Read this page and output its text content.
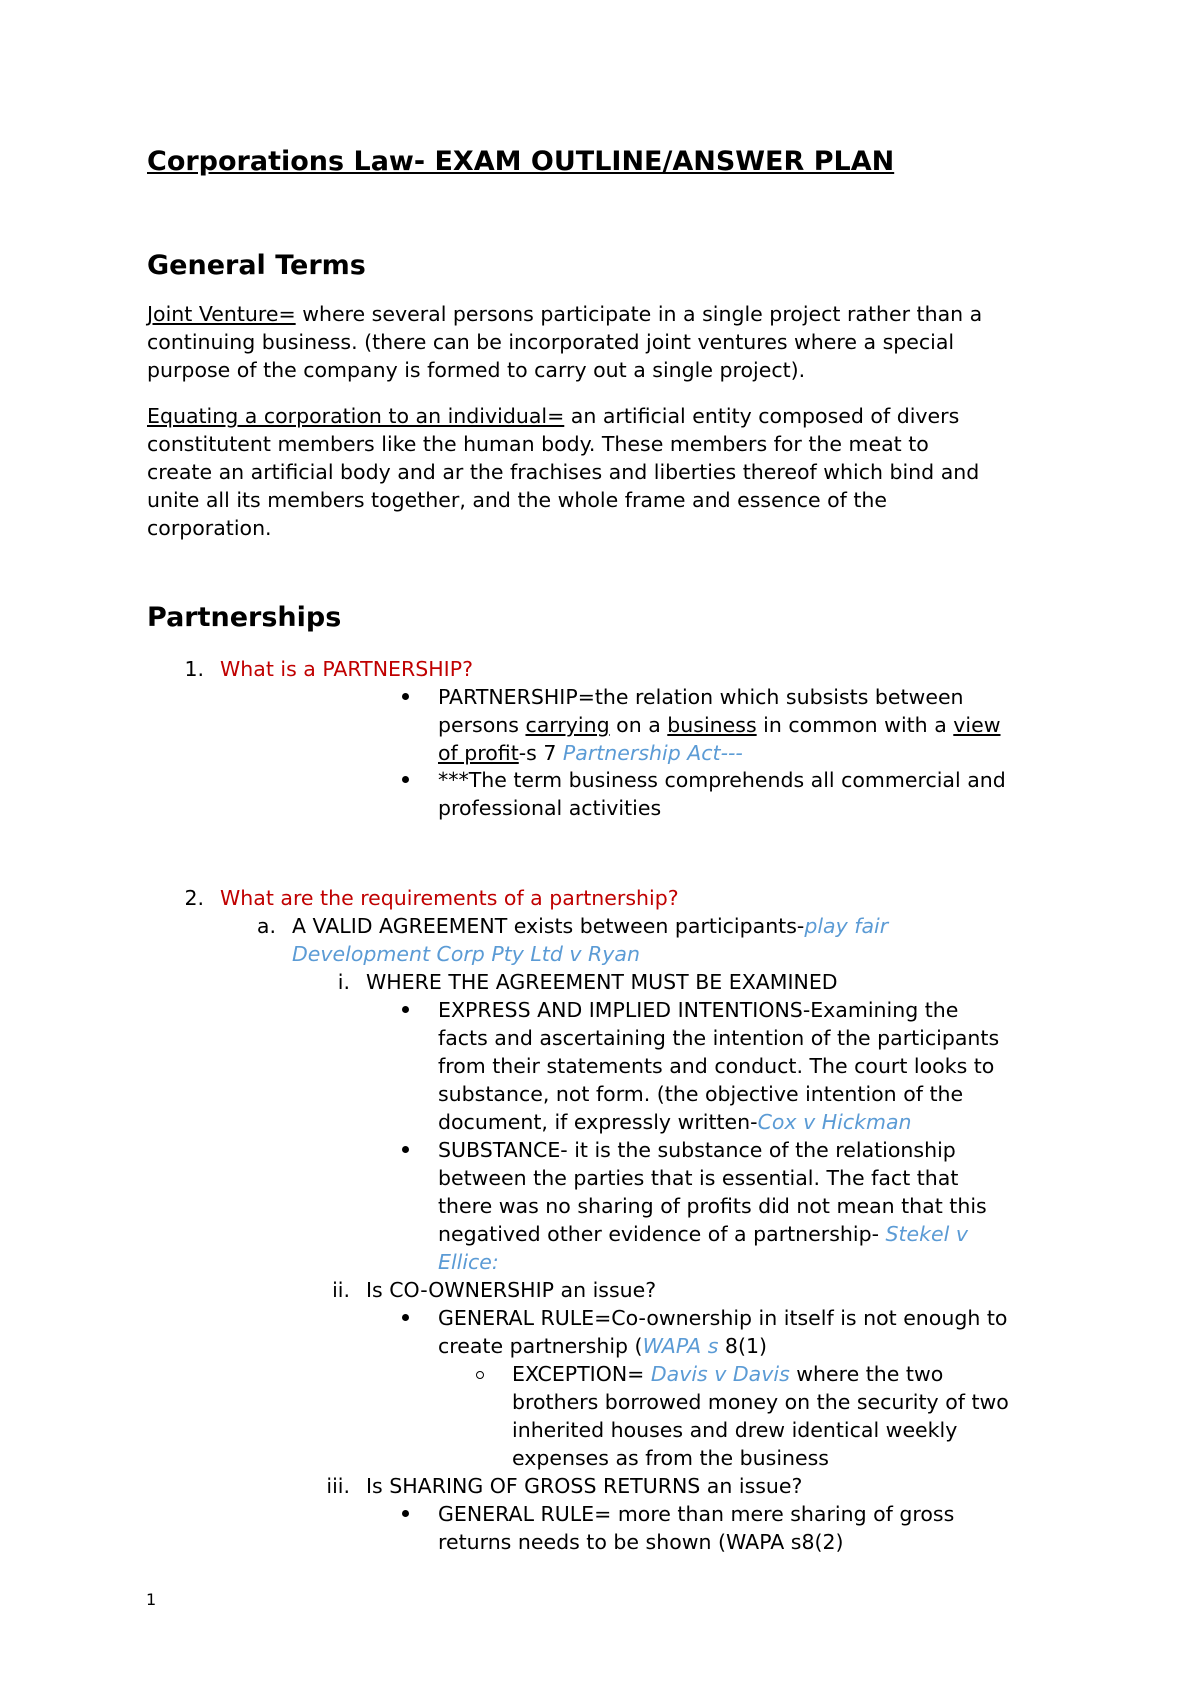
Corporations Law- EXAM OUTLINE/ANSWER PLAN
General Terms
Joint Venture= where several persons participate in a single project rather than a
continuing business. (there can be incorporated joint ventures where a special
purpose of the company is formed to carry out a single project).
Equating a corporation to an individual= an artificial entity composed of divers
constitutent members like the human body. These members for the meat to
create an artificial body and ar the frachises and liberties thereof which bind and
unite all its members together, and the whole frame and essence of the
corporation.
Partnerships
1. What is a PARTNERSHIP?
PARTNERSHIP=the relation which subsists between
persons carrying on a business in common with a view
of profit-s 7 Partnership Act---
***The term business comprehends all commercial and
professional activities
2. What are the requirements of a partnership?
a. A VALID AGREEMENT exists between participants-play fair
Development Corp Pty Ltd v Ryan
i. WHERE THE AGREEMENT MUST BE EXAMINED
EXPRESS AND IMPLIED INTENTIONS-Examining the
facts and ascertaining the intention of the participants
from their statements and conduct. The court looks to
substance, not form. (the objective intention of the
document, if expressly written-Cox v Hickman
SUBSTANCE- it is the substance of the relationship
between the parties that is essential. The fact that
there was no sharing of profits did not mean that this
negatived other evidence of a partnership- Stekel v
Ellice:
ii. Is CO-OWNERSHIP an issue?
GENERAL RULE=Co-ownership in itself is not enough to
create partnership (WAPA s 8(1)
EXCEPTION= Davis v Davis where the two
brothers borrowed money on the security of two
inherited houses and drew identical weekly
expenses as from the business
iii. Is SHARING OF GROSS RETURNS an issue?
GENERAL RULE= more than mere sharing of gross
returns needs to be shown (WAPA s8(2)
1
